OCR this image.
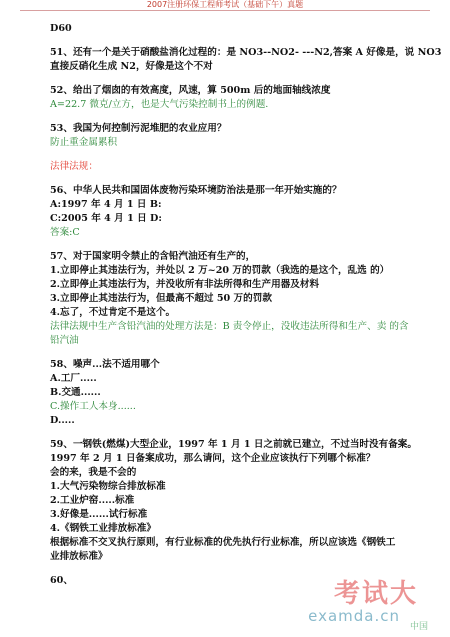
2007注册环保工程师考试（基础下午）真题
D60
51、还有一个是关于硝酸盐消化过程的：是 NO3--NO2- ---N2,答案 A 好像是，说 NO3
直接反硝化生成 N2，好像是这个不对
52、给出了烟囱的有效高度，风速，算 500m 后的地面轴线浓度
A=22.7 微克/立方，也是大气污染控制书上的例题.
53、我国为何控制污泥堆肥的农业应用？
防止重金属累积
法律法规：
56、中华人民共和国固体废物污染环境防治法是那一年开始实施的？
A:1997 年 4 月 1 日 B:
C:2005 年 4 月 1 日 D:
答案:C
57、对于国家明令禁止的含铅汽油还有生产的，
1.立即停止其违法行为，并处以 2 万~20 万的罚款（我选的是这个，乱选 的）
2.立即停止其违法行为，并没收所有非法所得和生产用器及材料
3.立即停止其违法行为，但最高不超过 50 万的罚款
4.忘了，不过肯定不是这个。
法律法规中生产含铅汽油的处理方法是：B 责令停止，没收违法所得和生产、卖 的含
铅汽油
58、噪声...法不适用哪个
A.工厂.....
B.交通......
C.操作工人本身......
D.....
59、一钢铁(燃煤)大型企业，1997 年 1 月 1 日之前就已建立，不过当时没有备案。
1997 年 2 月 1 日备案成功，那么请问，这个企业应该执行下列哪个标准？
会的来，我是不会的
1.大气污染物综合排放标准
2.工业炉窑.....标准
3.好像是......试行标准
4.《钢铁工业排放标准》
根据标准不交叉执行原则，有行业标准的优先执行行业标准，所以应该选《钢铁工
业排放标准》
60、	考试大
examda.cn
中国
